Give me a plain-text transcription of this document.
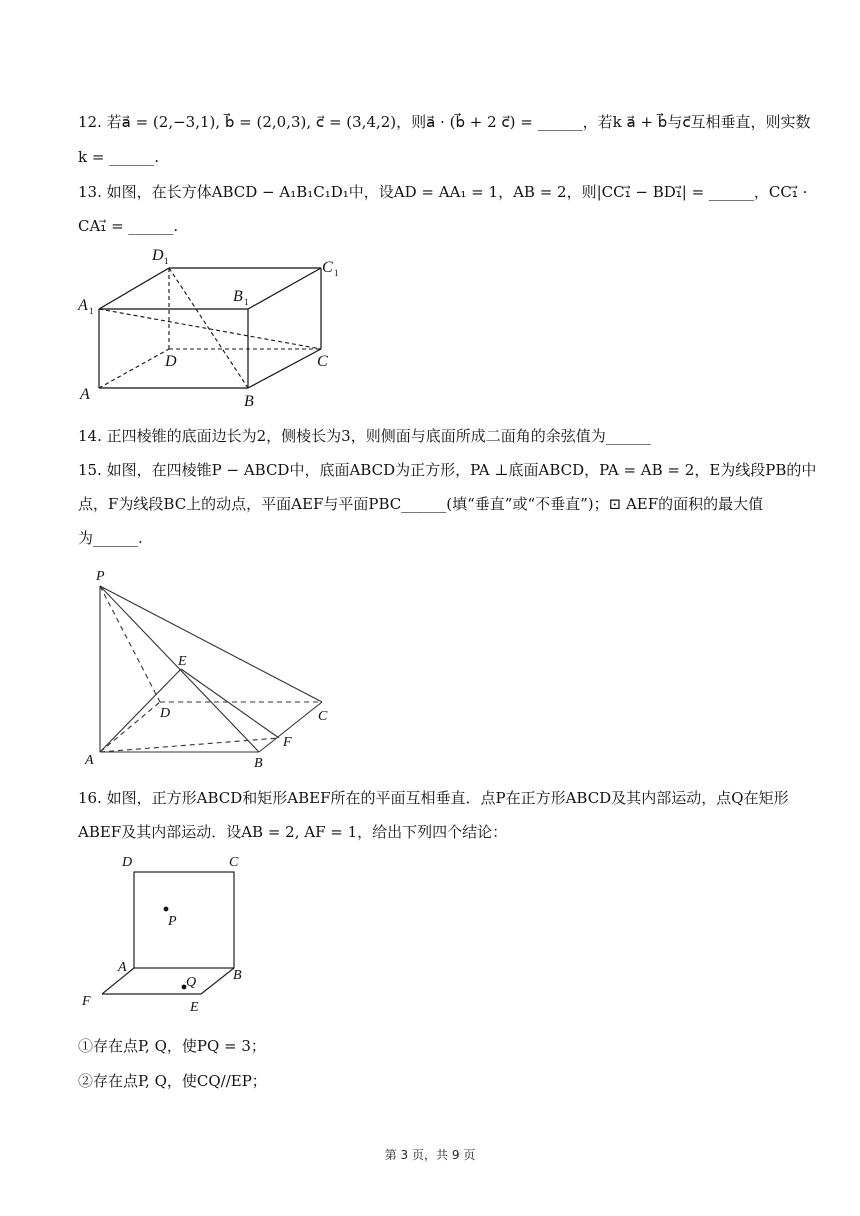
12. 若a⃗ = (2,−3,1), b⃗ = (2,0,3), c⃗ = (3,4,2)，则a⃗ · (b⃗ + 2 c⃗) = ______，若k a⃗ + b⃗与c⃗互相垂直，则实数
k = ______.
13. 如图，在长方体ABCD − A₁B₁C₁D₁中，设AD = AA₁ = 1，AB = 2，则|CC₁⃗ − BD₁⃗| = ______，CC₁⃗ ·
CA₁⃗ = ______.
A	B
C
D
A 1
B 1
C 1
D 1
14. 正四棱锥的底面边长为2，侧棱长为3，则侧面与底面所成二面角的余弦值为______
15. 如图，在四棱锥P − ABCD中，底面ABCD为正方形，PA ⊥底面ABCD，PA = AB = 2，E为线段PB的中
点，F为线段BC上的动点，平面AEF与平面PBC______(填“垂直”或“不垂直”)；⊡ AEF的面积的最大值
为______.
P
A	B
C
D
E
F
16. 如图，正方形ABCD和矩形ABEF所在的平面互相垂直．点P在正方形ABCD及其内部运动，点Q在矩形
ABEF及其内部运动．设AB = 2, AF = 1，给出下列四个结论：
D	C
A
B
F	E
P
Q
①存在点P, Q，使PQ = 3；
②存在点P, Q，使CQ//EP；
第 3 页，共 9 页
